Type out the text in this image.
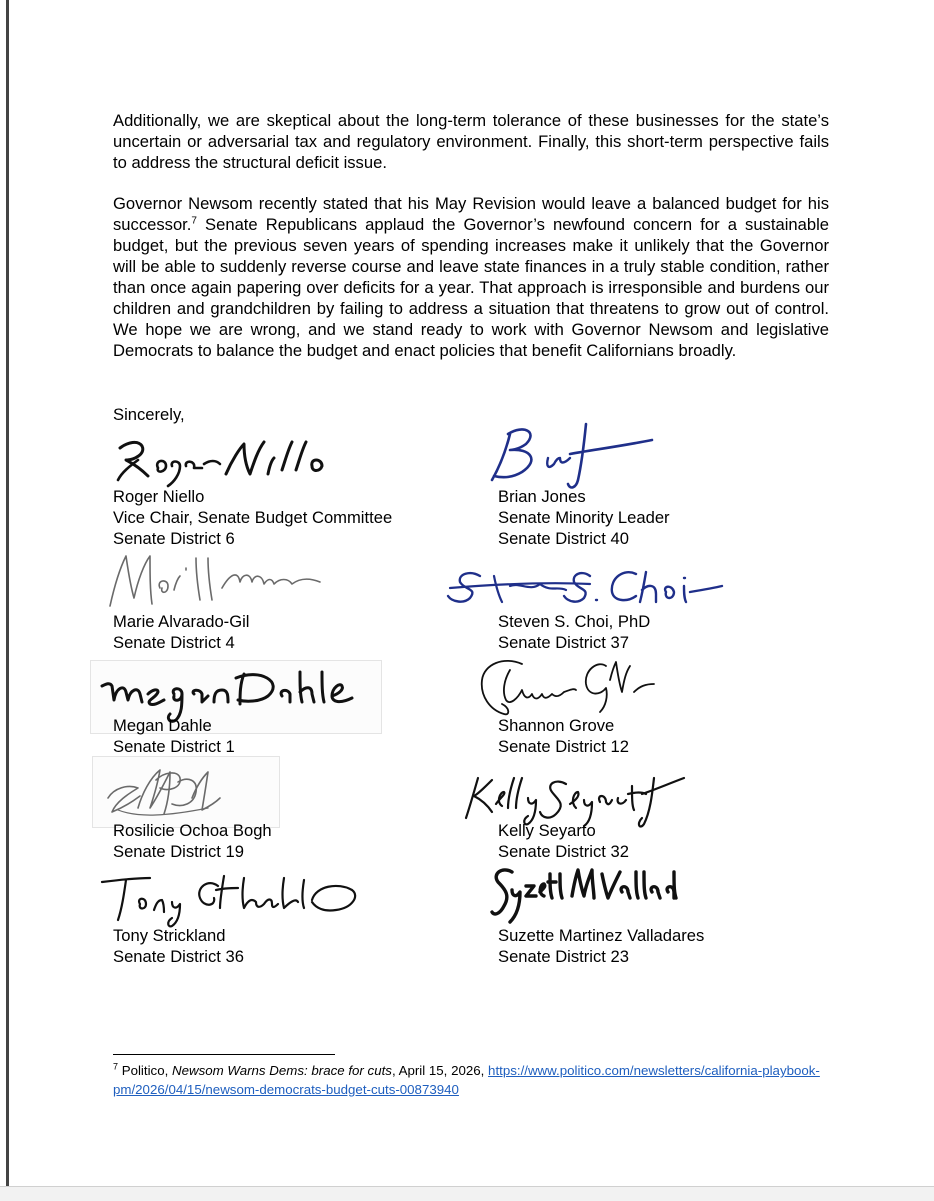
Additionally, we are skeptical about the long-term tolerance of these businesses for the state’s uncertain or adversarial tax and regulatory environment. Finally, this short-term perspective fails to address the structural deficit issue.

Governor Newsom recently stated that his May Revision would leave a balanced budget for his successor.$^7$ Senate Republicans applaud the Governor’s newfound concern for a sustainable budget, but the previous seven years of spending increases make it unlikely that the Governor will be able to suddenly reverse course and leave state finances in a truly stable condition, rather than once again papering over deficits for a year. That approach is irresponsible and burdens our children and grandchildren by failing to address a situation that threatens to grow out of control. We hope we are wrong, and we stand ready to work with Governor Newsom and legislative Democrats to balance the budget and enact policies that benefit Californians broadly.

Sincerely,
Roger Niello
Vice Chair, Senate Budget Committee
Senate District 6
Brian Jones
Senate Minority Leader
Senate District 40
Marie Alvarado-Gil
Senate District 4
Steven S. Choi, PhD
Senate District 37
Megan Dahle
Senate District 1
Shannon Grove
Senate District 12
Rosilicie Ochoa Bogh
Senate District 19
Kelly Seyarto
Senate District 32
Tony Strickland
Senate District 36
Suzette Martinez Valladares
Senate District 23
$^7$ Politico, Newsom Warns Dems: brace for cuts, April 15, 2026, https://www.politico.com/newsletters/california-playbook-pm/2026/04/15/newsom-democrats-budget-cuts-00873940
